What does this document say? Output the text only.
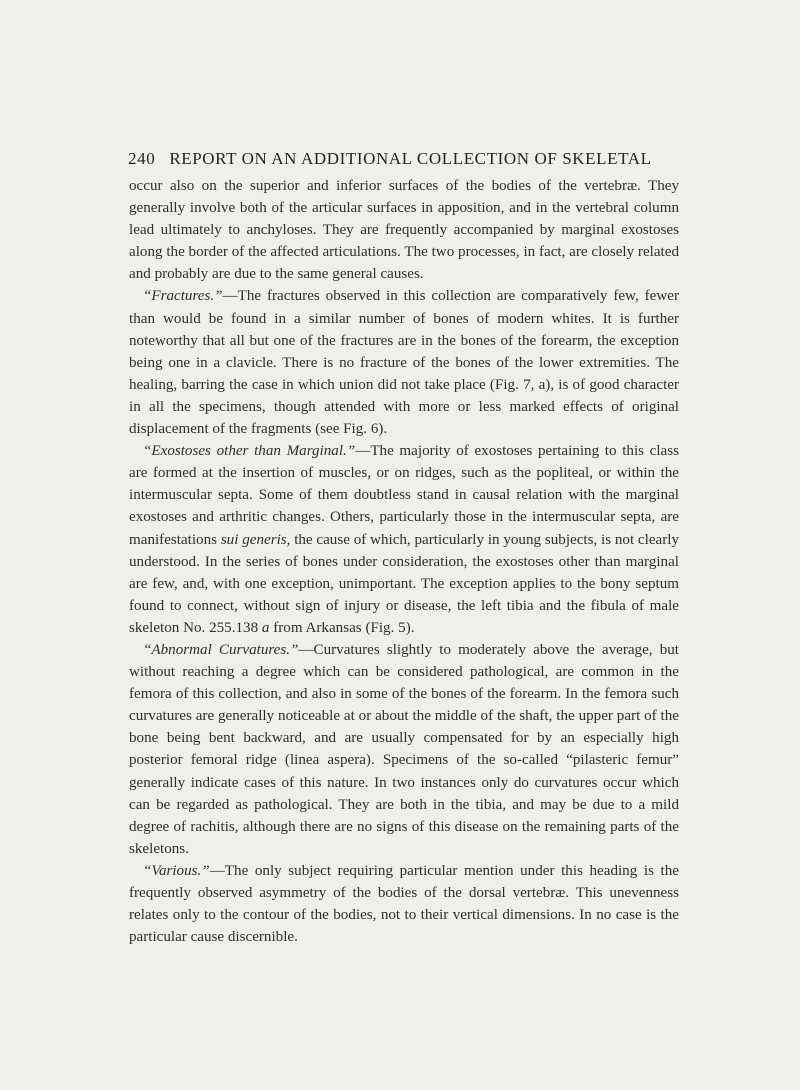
240 REPORT ON AN ADDITIONAL COLLECTION OF SKELETAL

occur also on the superior and inferior surfaces of the bodies of the vertebræ. They generally involve both of the articular surfaces in apposition, and in the vertebral column lead ultimately to anchyloses. They are frequently accompanied by marginal exostoses along the border of the affected articulations. The two processes, in fact, are closely related and probably are due to the same general causes.

“Fractures.”—The fractures observed in this collection are comparatively few, fewer than would be found in a similar number of bones of modern whites. It is further noteworthy that all but one of the fractures are in the bones of the forearm, the exception being one in a clavicle. There is no fracture of the bones of the lower extremities. The healing, barring the case in which union did not take place (Fig. 7, a), is of good character in all the specimens, though attended with more or less marked effects of original displacement of the fragments (see Fig. 6).

“Exostoses other than Marginal.”—The majority of exostoses pertaining to this class are formed at the insertion of muscles, or on ridges, such as the popliteal, or within the intermuscular septa. Some of them doubtless stand in causal relation with the marginal exostoses and arthritic changes. Others, particularly those in the intermuscular septa, are manifestations sui generis, the cause of which, particularly in young subjects, is not clearly understood. In the series of bones under consideration, the exostoses other than marginal are few, and, with one exception, unimportant. The exception applies to the bony septum found to connect, without sign of injury or disease, the left tibia and the fibula of male skeleton No. 255.138 a from Arkansas (Fig. 5).

“Abnormal Curvatures.”—Curvatures slightly to moderately above the average, but without reaching a degree which can be considered pathological, are common in the femora of this collection, and also in some of the bones of the forearm. In the femora such curvatures are generally noticeable at or about the middle of the shaft, the upper part of the bone being bent backward, and are usually compensated for by an especially high posterior femoral ridge (linea aspera). Specimens of the so-called “pilasteric femur” generally indicate cases of this nature. In two instances only do curvatures occur which can be regarded as pathological. They are both in the tibia, and may be due to a mild degree of rachitis, although there are no signs of this disease on the remaining parts of the skeletons.

“Various.”—The only subject requiring particular mention under this heading is the frequently observed asymmetry of the bodies of the dorsal vertebræ. This unevenness relates only to the contour of the bodies, not to their vertical dimensions. In no case is the particular cause discernible.
